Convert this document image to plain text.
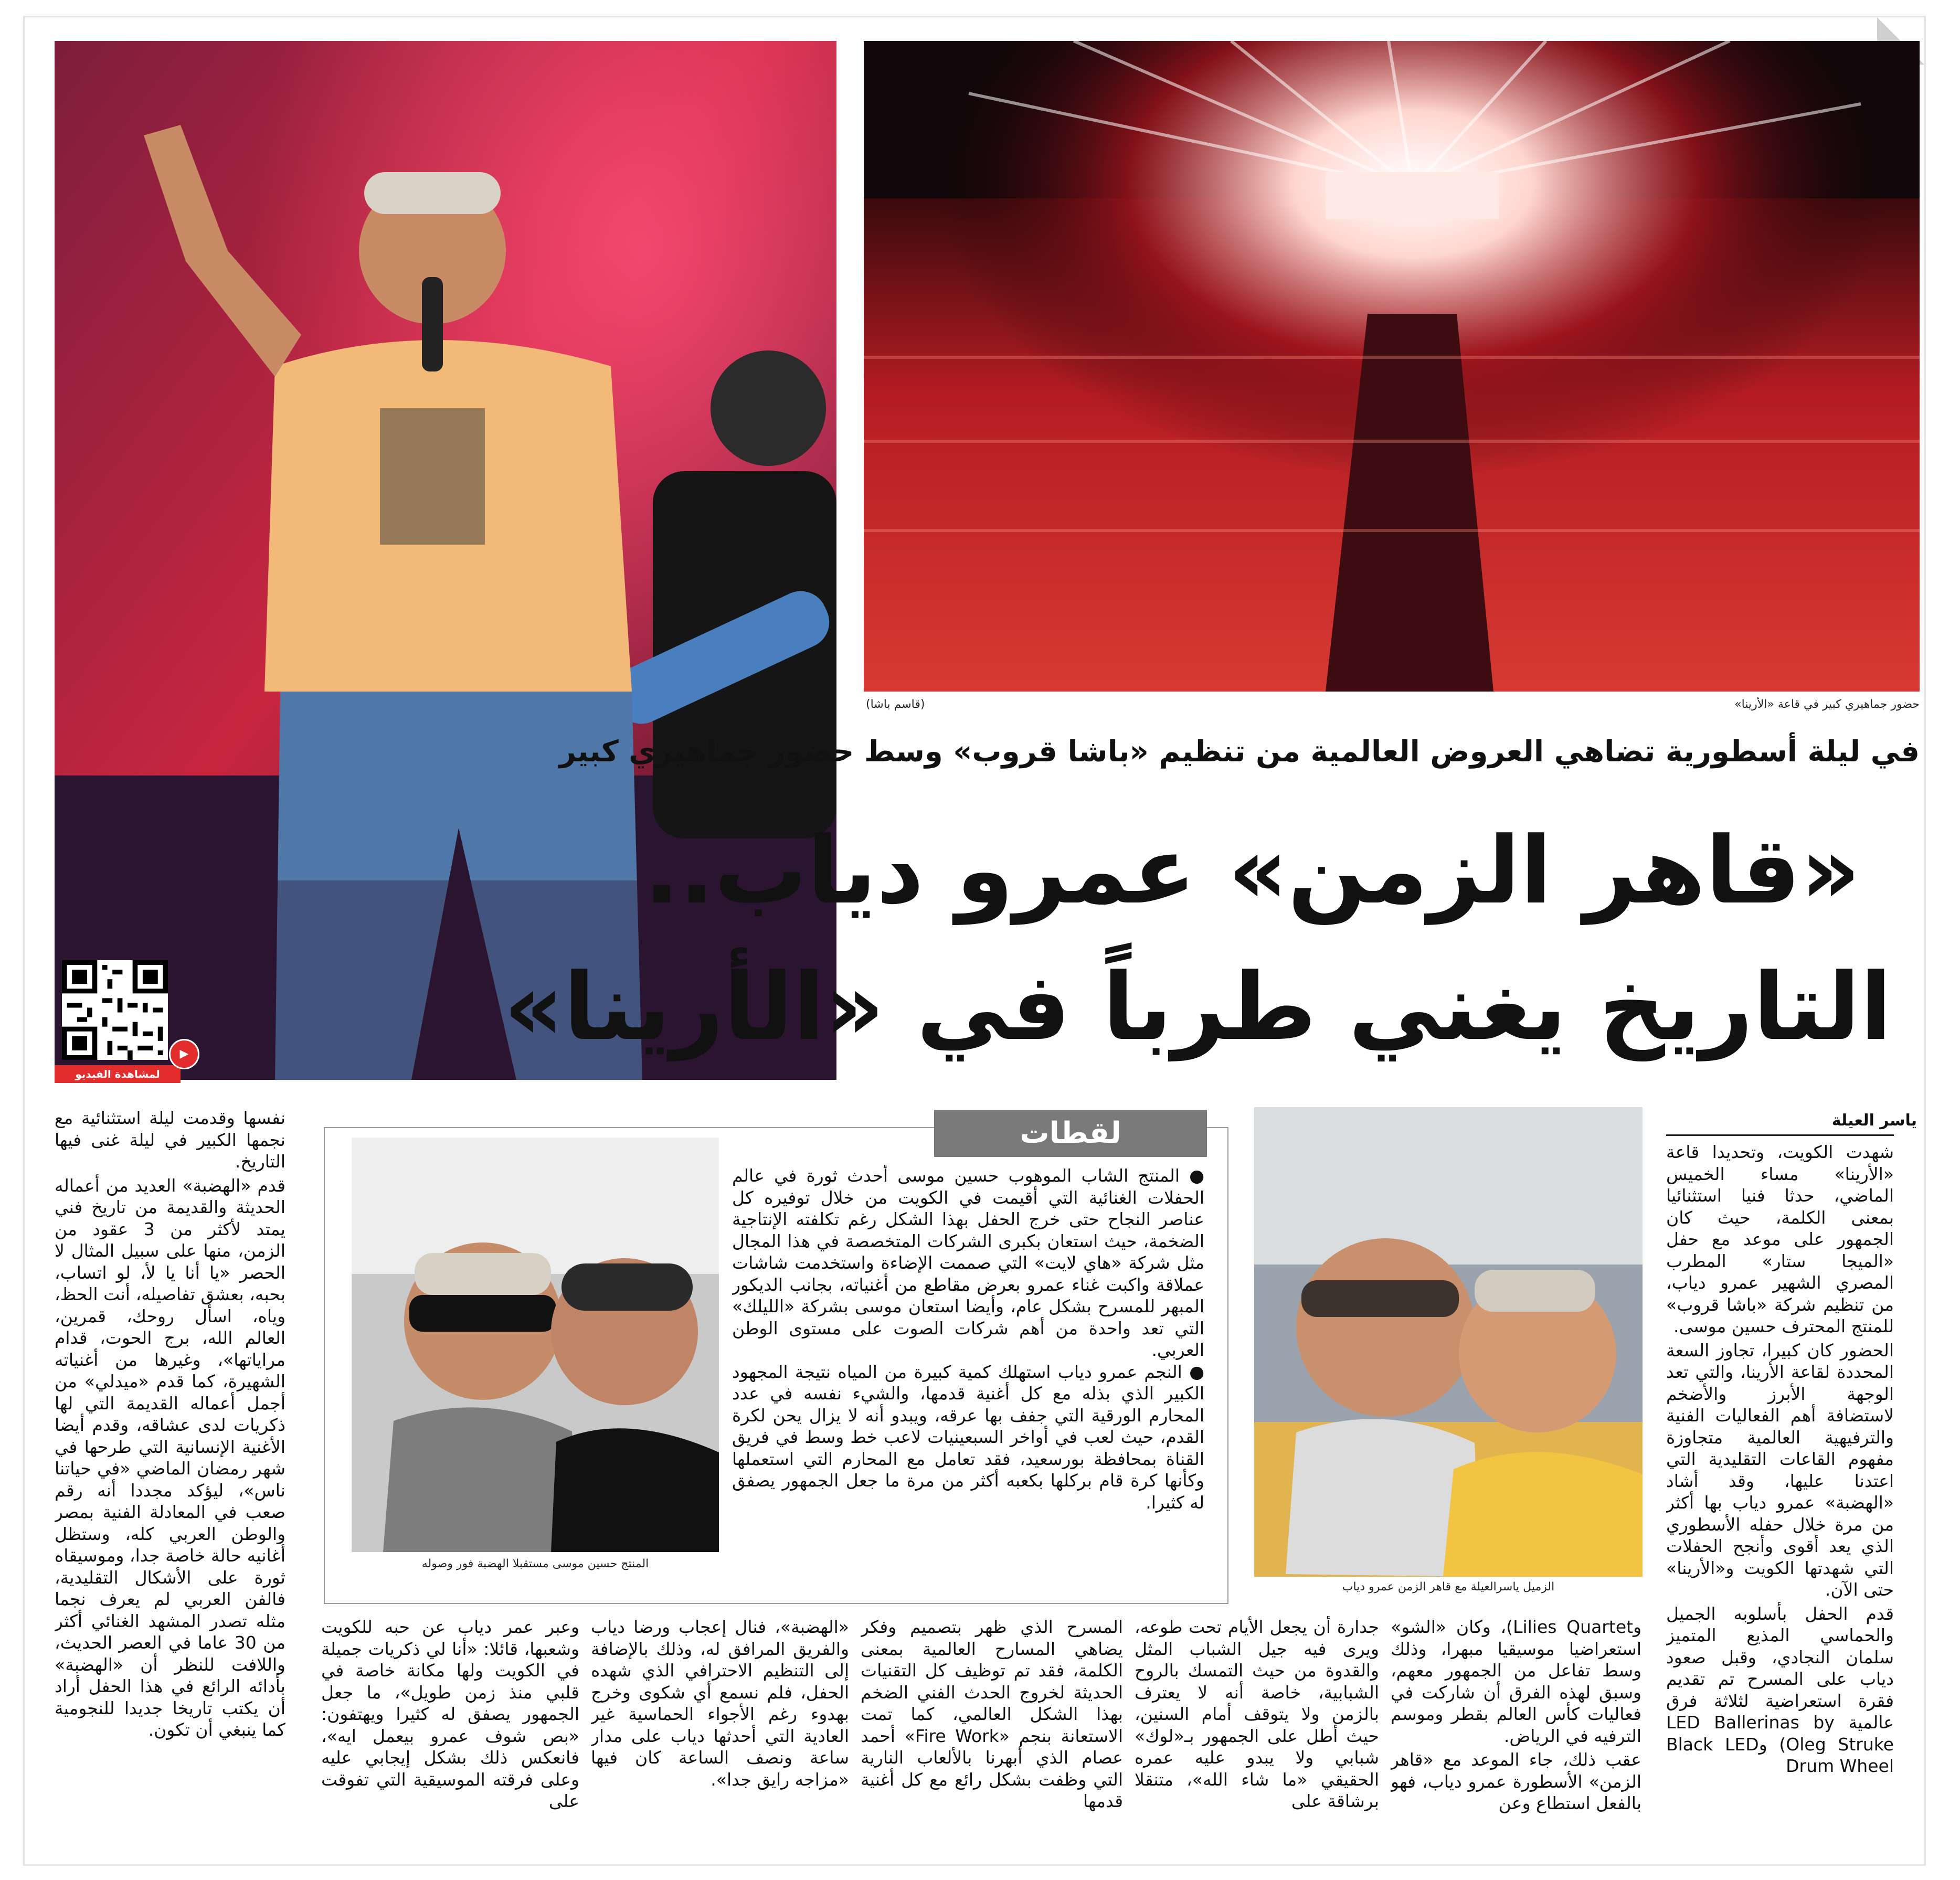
لمشاهدة الفيديو
▶
حضور جماهيري كبير في قاعة «الأرينا»
(قاسم باشا)
في ليلة أسطورية تضاهي العروض العالمية من تنظيم «باشا قروب» وسط حضور جماهيري كبير
«قاهر الزمن» عمرو دياب..
التاريخ يغني طرباً في «الأرينا»
ياسر العيلة

شهدت الكويت، وتحديدا قاعة «الأرينا» مساء الخميس الماضي، حدثا فنيا استثنائيا بمعنى الكلمة، حيث كان الجمهور على موعد مع حفل «الميجا ستار» المطرب المصري الشهير عمرو دياب، من تنظيم شركة «باشا قروب» للمنتج المحترف حسين موسى.

الحضور كان كبيرا، تجاوز السعة المحددة لقاعة الأرينا، والتي تعد الوجهة الأبرز والأضخم لاستضافة أهم الفعاليات الفنية والترفيهية العالمية متجاوزة مفهوم القاعات التقليدية التي اعتدنا عليها، وقد أشاد «الهضبة» عمرو دياب بها أكثر من مرة خلال حفله الأسطوري الذي يعد أقوى وأنجح الحفلات التي شهدتها الكويت و«الأرينا» حتى الآن.

قدم الحفل بأسلوبه الجميل والحماسي المذيع المتميز سلمان النجادي، وقبل صعود دياب على المسرح تم تقديم فقرة استعراضية لثلاثة فرق عالمية LED Ballerinas by Oleg Struke) وBlack LED Drum Wheel

الزميل ياسرالعيلة مع قاهر الزمن عمرو دياب
لقطات
المنتج حسين موسى مستقبلا الهضبة فور وصوله

● المنتج الشاب الموهوب حسين موسى أحدث ثورة في عالم الحفلات الغنائية التي أقيمت في الكويت من خلال توفيره كل عناصر النجاح حتى خرج الحفل بهذا الشكل رغم تكلفته الإنتاجية الضخمة، حيث استعان بكبرى الشركات المتخصصة في هذا المجال مثل شركة «هاي لايت» التي صممت الإضاءة واستخدمت شاشات عملاقة واكبت غناء عمرو بعرض مقاطع من أغنياته، بجانب الديكور المبهر للمسرح بشكل عام، وأيضا استعان موسى بشركة «الليلك» التي تعد واحدة من أهم شركات الصوت على مستوى الوطن العربي.

● النجم عمرو دياب استهلك كمية كبيرة من المياه نتيجة المجهود الكبير الذي بذله مع كل أغنية قدمها، والشيء نفسه في عدد المحارم الورقية التي جفف بها عرقه، ويبدو أنه لا يزال يحن لكرة القدم، حيث لعب في أواخر السبعينيات لاعب خط وسط في فريق القناة بمحافظة بورسعيد، فقد تعامل مع المحارم التي استعملها وكأنها كرة قام بركلها بكعبه أكثر من مرة ما جعل الجمهور يصفق له كثيرا.

نفسها وقدمت ليلة استثنائية مع نجمها الكبير في ليلة غنى فيها التاريخ.

قدم «الهضبة» العديد من أعماله الحديثة والقديمة من تاريخ فني يمتد لأكثر من 3 عقود من الزمن، منها على سبيل المثال لا الحصر «يا أنا يا لأ، لو اتساب، بحبه، بعشق تفاصيله، أنت الحظ، وياه، اسأل روحك، قمرين، العالم الله، برج الحوت، قدام مراياتها»، وغيرها من أغنياته الشهيرة، كما قدم «ميدلي» من أجمل أعماله القديمة التي لها ذكريات لدى عشاقه، وقدم أيضا الأغنية الإنسانية التي طرحها في شهر رمضان الماضي «في حياتنا ناس»، ليؤكد مجددا أنه رقم صعب في المعادلة الفنية بمصر والوطن العربي كله، وستظل أغانيه حالة خاصة جدا، وموسيقاه ثورة على الأشكال التقليدية، فالفن العربي لم يعرف نجما مثله تصدر المشهد الغنائي أكثر من 30 عاما في العصر الحديث، واللافت للنظر أن «الهضبة» بأدائه الرائع في هذا الحفل أراد أن يكتب تاريخا جديدا للنجومية كما ينبغي أن تكون.

وLilies Quartet)، وكان «الشو» استعراضيا موسيقيا مبهرا، وذلك وسط تفاعل من الجمهور معهم، وسبق لهذه الفرق أن شاركت في فعاليات كأس العالم بقطر وموسم الترفيه في الرياض.

عقب ذلك، جاء الموعد مع «قاهر الزمن» الأسطورة عمرو دياب، فهو بالفعل استطاع وعن

جدارة أن يجعل الأيام تحت طوعه، ويرى فيه جيل الشباب المثل والقدوة من حيث التمسك بالروح الشبابية، خاصة أنه لا يعترف بالزمن ولا يتوقف أمام السنين، حيث أطل على الجمهور بـ«لوك» شبابي ولا يبدو عليه عمره الحقيقي «ما شاء الله»، متنقلا برشاقة على

المسرح الذي ظهر بتصميم وفكر يضاهي المسارح العالمية بمعنى الكلمة، فقد تم توظيف كل التقنيات الحديثة لخروج الحدث الفني الضخم بهذا الشكل العالمي، كما تمت الاستعانة بنجم «Fire Work» أحمد عصام الذي أبهرنا بالألعاب النارية التي وظفت بشكل رائع مع كل أغنية قدمها

«الهضبة»، فنال إعجاب ورضا دياب والفريق المرافق له، وذلك بالإضافة إلى التنظيم الاحترافي الذي شهده الحفل، فلم نسمع أي شكوى وخرج بهدوء رغم الأجواء الحماسية غير العادية التي أحدثها دياب على مدار ساعة ونصف الساعة كان فيها «مزاجه رايق جدا».

وعبر عمر دياب عن حبه للكويت وشعبها، قائلا: «أنا لي ذكريات جميلة في الكويت ولها مكانة خاصة في قلبي منذ زمن طويل»، ما جعل الجمهور يصفق له كثيرا ويهتفون: «بص شوف عمرو بيعمل ايه»، فانعكس ذلك بشكل إيجابي عليه وعلى فرقته الموسيقية التي تفوقت على
